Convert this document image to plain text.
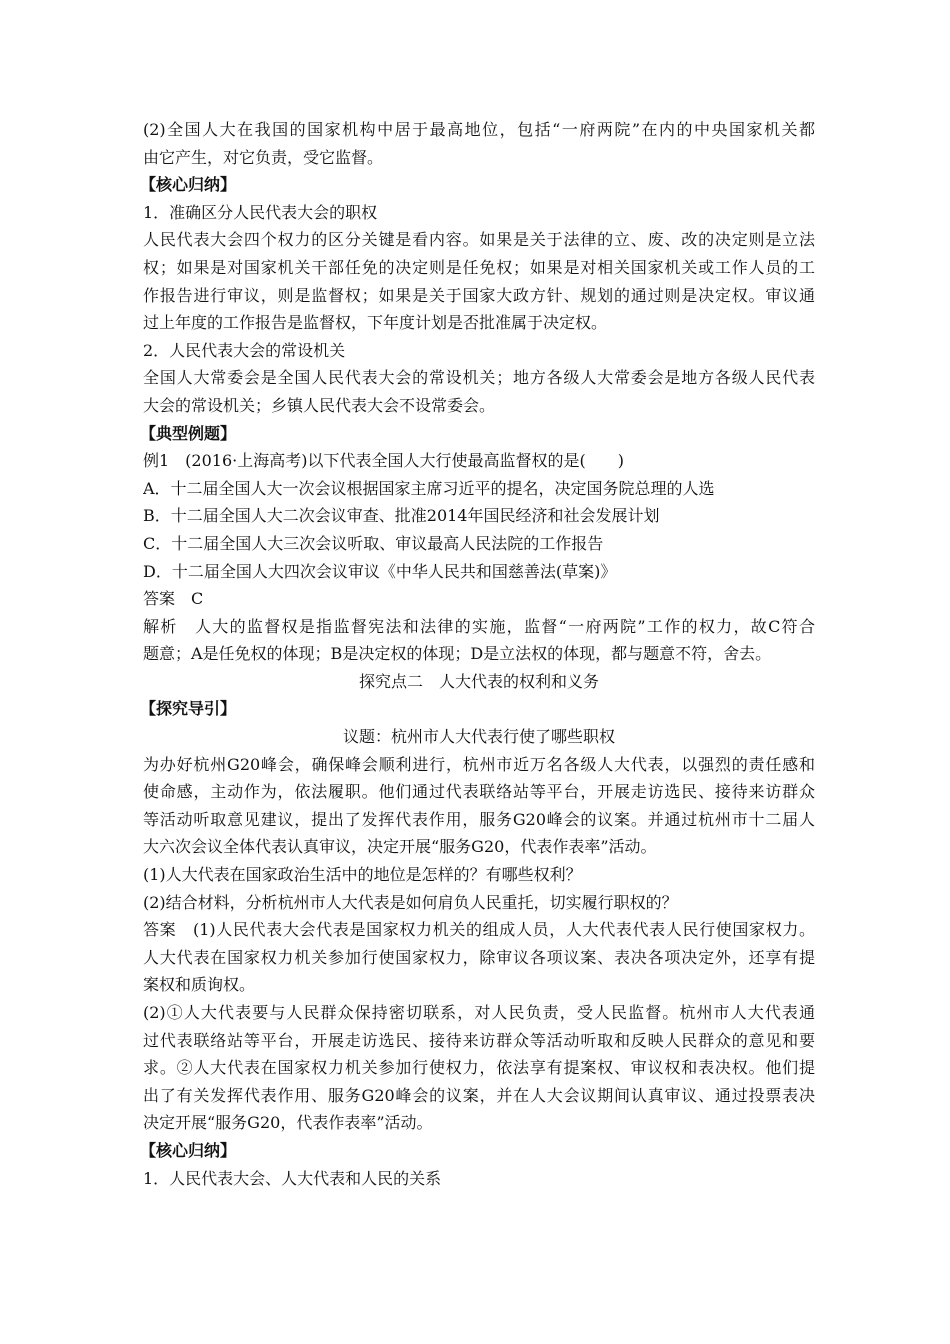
(2)全国人大在我国的国家机构中居于最高地位，包括“一府两院”在内的中央国家机关都
由它产生，对它负责，受它监督。
【核心归纳】
1．准确区分人民代表大会的职权
人民代表大会四个权力的区分关键是看内容。如果是关于法律的立、废、改的决定则是立法
权；如果是对国家机关干部任免的决定则是任免权；如果是对相关国家机关或工作人员的工
作报告进行审议，则是监督权；如果是关于国家大政方针、规划的通过则是决定权。审议通
过上年度的工作报告是监督权，下年度计划是否批准属于决定权。
2．人民代表大会的常设机关
全国人大常委会是全国人民代表大会的常设机关；地方各级人大常委会是地方各级人民代表
大会的常设机关；乡镇人民代表大会不设常委会。
【典型例题】
例1　(2016·上海高考)以下代表全国人大行使最高监督权的是(　　)
A．十二届全国人大一次会议根据国家主席习近平的提名，决定国务院总理的人选
B．十二届全国人大二次会议审查、批准2014年国民经济和社会发展计划
C．十二届全国人大三次会议听取、审议最高人民法院的工作报告
D．十二届全国人大四次会议审议《中华人民共和国慈善法(草案)》
答案　C
解析　人大的监督权是指监督宪法和法律的实施，监督“一府两院”工作的权力，故C符合
题意；A是任免权的体现；B是决定权的体现；D是立法权的体现，都与题意不符，舍去。
探究点二　人大代表的权利和义务
【探究导引】
议题：杭州市人大代表行使了哪些职权
为办好杭州G20峰会，确保峰会顺利进行，杭州市近万名各级人大代表，以强烈的责任感和
使命感，主动作为，依法履职。他们通过代表联络站等平台，开展走访选民、接待来访群众
等活动听取意见建议，提出了发挥代表作用，服务G20峰会的议案。并通过杭州市十二届人
大六次会议全体代表认真审议，决定开展“服务G20，代表作表率”活动。
(1)人大代表在国家政治生活中的地位是怎样的？有哪些权利？
(2)结合材料，分析杭州市人大代表是如何肩负人民重托，切实履行职权的？
答案　(1)人民代表大会代表是国家权力机关的组成人员，人大代表代表人民行使国家权力。
人大代表在国家权力机关参加行使国家权力，除审议各项议案、表决各项决定外，还享有提
案权和质询权。
(2)①人大代表要与人民群众保持密切联系，对人民负责，受人民监督。杭州市人大代表通
过代表联络站等平台，开展走访选民、接待来访群众等活动听取和反映人民群众的意见和要
求。②人大代表在国家权力机关参加行使权力，依法享有提案权、审议权和表决权。他们提
出了有关发挥代表作用、服务G20峰会的议案，并在人大会议期间认真审议、通过投票表决
决定开展“服务G20，代表作表率”活动。
【核心归纳】
1．人民代表大会、人大代表和人民的关系
